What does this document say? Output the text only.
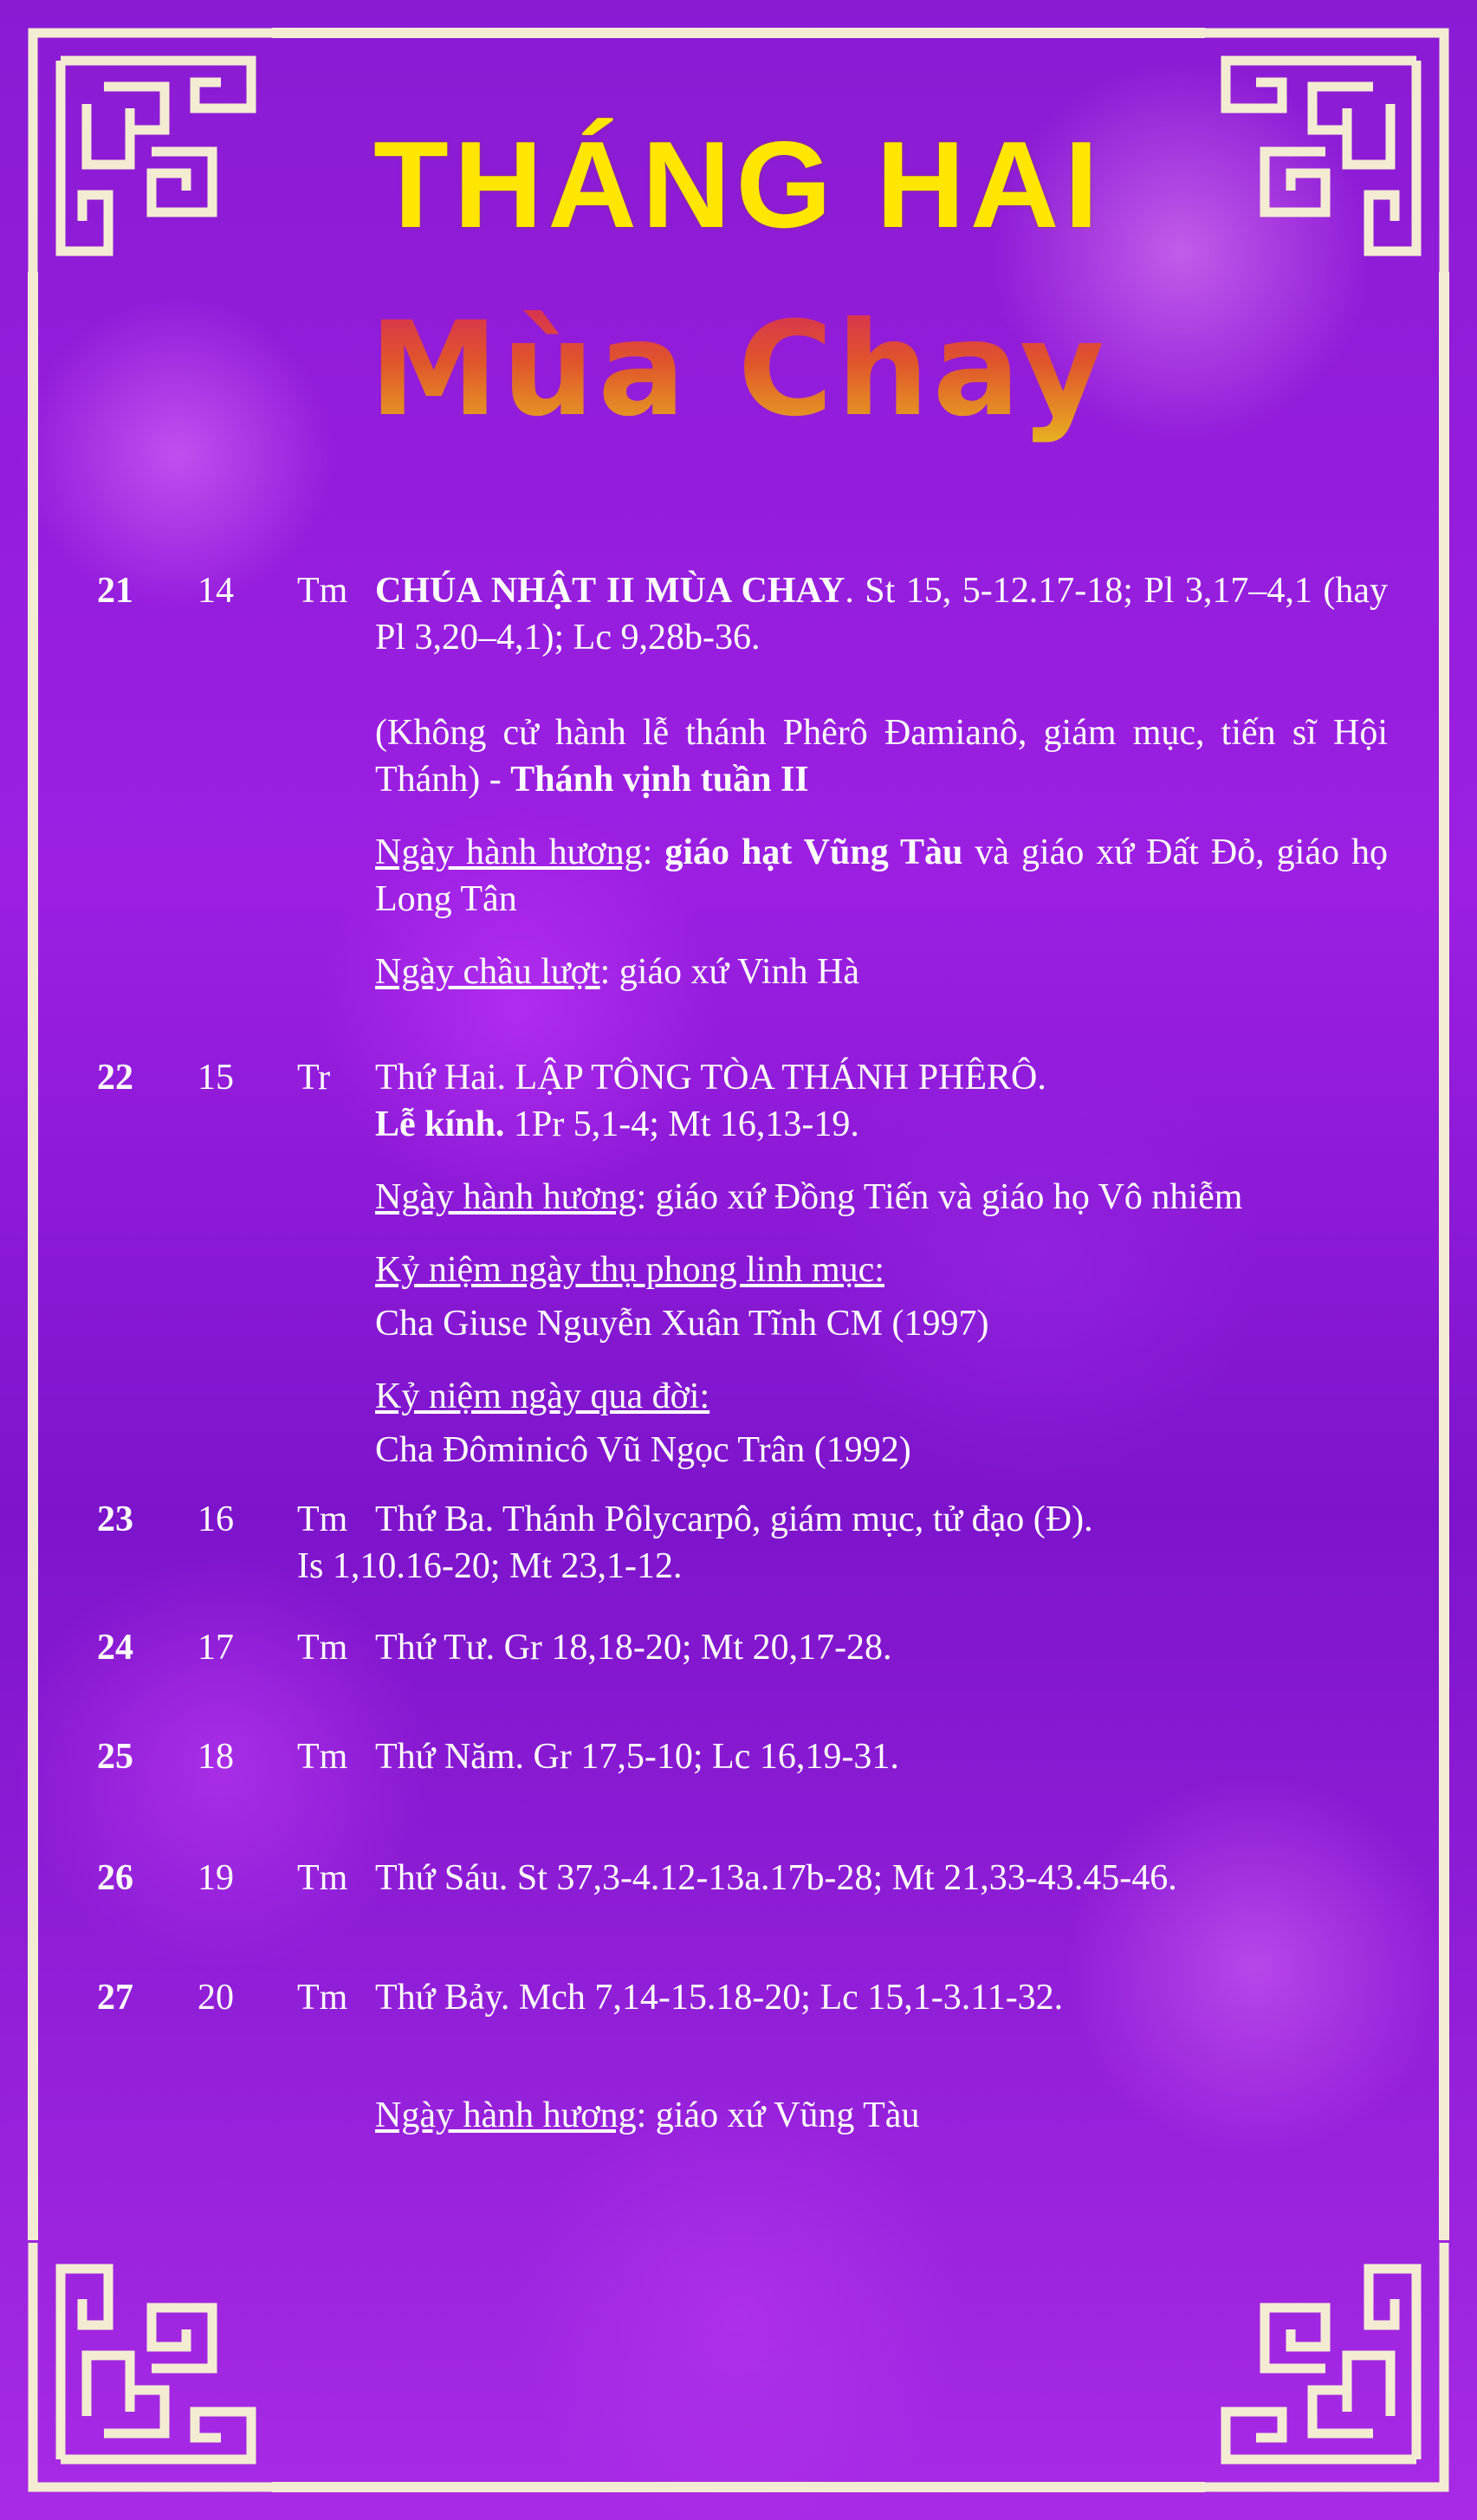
THÁNG HAI
Mùa Chay
21	14	Tm CHÚA NHẬT II MÙA CHAY. St 15, 5-12.17-18; Pl 3,17–4,1 (hay Pl 3,20–4,1); Lc 9,28b-36.

(Không cử hành lễ thánh Phêrô Đamianô, giám mục, tiến sĩ Hội Thánh) - Thánh vịnh tuần II

Ngày hành hương: giáo hạt Vũng Tàu và giáo xứ Đất Đỏ, giáo họ Long Tân

Ngày chầu lượt: giáo xứ Vinh Hà

22	15	Tr	Thứ Hai. LẬP TÔNG TÒA THÁNH PHÊRÔ.

Lễ kính. 1Pr 5,1-4; Mt 16,13-19.

Ngày hành hương: giáo xứ Đồng Tiến và giáo họ Vô nhiễm

Kỷ niệm ngày thụ phong linh mục:

Cha Giuse Nguyễn Xuân Tĩnh CM (1997)

Kỷ niệm ngày qua đời:

Cha Đôminicô Vũ Ngọc Trân (1992)

23	16	Tm Thứ Ba. Thánh Pôlycarpô, giám mục, tử đạo (Đ).

Is 1,10.16-20; Mt 23,1-12.

24	17	Tm Thứ Tư. Gr 18,18-20; Mt 20,17-28.

25	18	Tm Thứ Năm. Gr 17,5-10; Lc 16,19-31.

26	19	Tm Thứ Sáu. St 37,3-4.12-13a.17b-28; Mt 21,33-43.45-46.

27	20	Tm Thứ Bảy. Mch 7,14-15.18-20; Lc 15,1-3.11-32.

Ngày hành hương: giáo xứ Vũng Tàu
